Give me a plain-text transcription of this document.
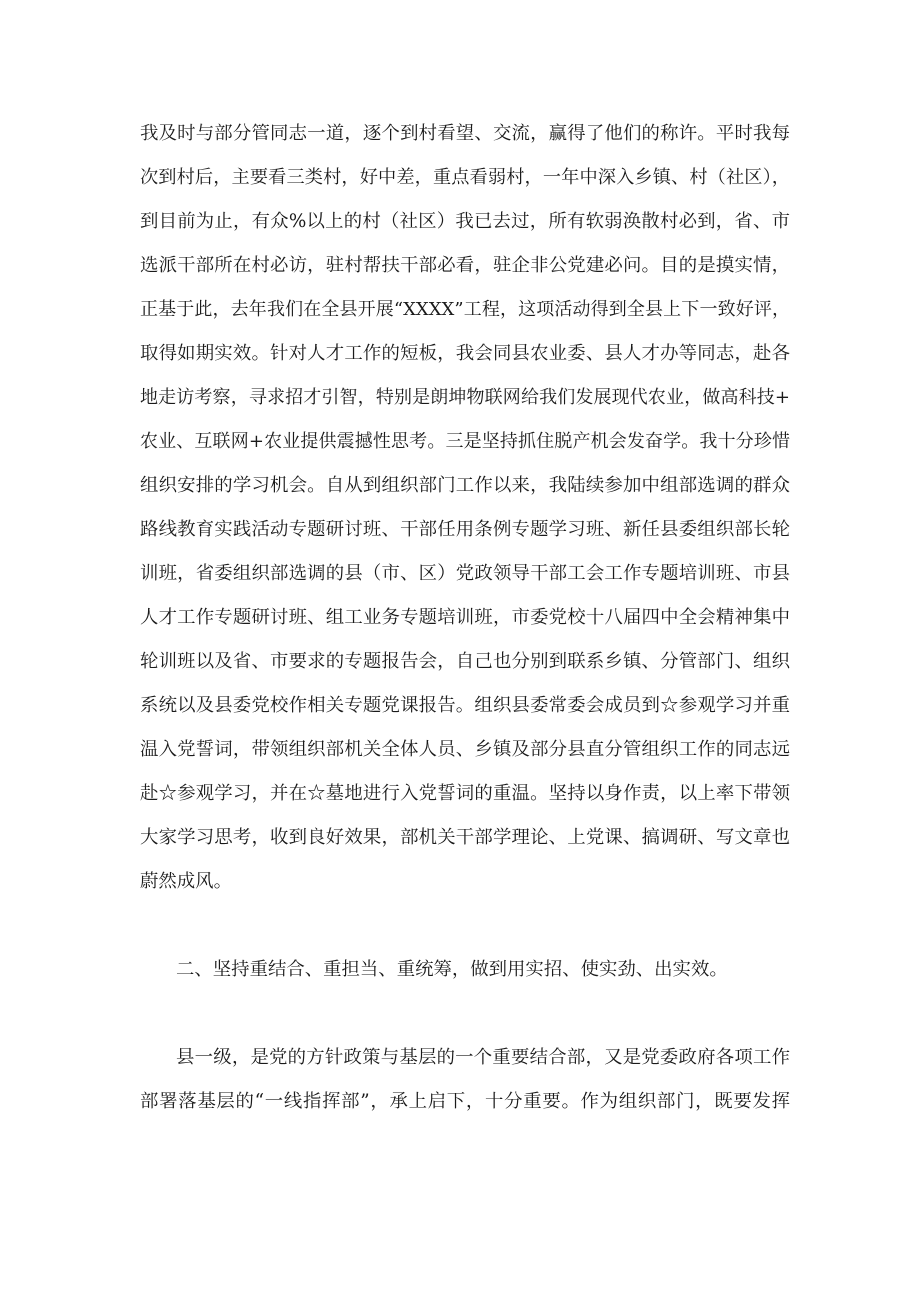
我及时与部分管同志一道，逐个到村看望、交流，赢得了他们的称许。平时我每
次到村后，主要看三类村，好中差，重点看弱村，一年中深入乡镇、村（社区），
到目前为止，有众%以上的村（社区）我已去过，所有软弱涣散村必到，省、市
选派干部所在村必访，驻村帮扶干部必看，驻企非公党建必问。目的是摸实情，
正基于此，去年我们在全县开展“XXXX”工程，这项活动得到全县上下一致好评，
取得如期实效。针对人才工作的短板，我会同县农业委、县人才办等同志，赴各
地走访考察，寻求招才引智，特别是朗坤物联网给我们发展现代农业，做高科技+
农业、互联网+农业提供震撼性思考。三是坚持抓住脱产机会发奋学。我十分珍惜
组织安排的学习机会。自从到组织部门工作以来，我陆续参加中组部选调的群众
路线教育实践活动专题研讨班、干部任用条例专题学习班、新任县委组织部长轮
训班，省委组织部选调的县（市、区）党政领导干部工会工作专题培训班、市县
人才工作专题研讨班、组工业务专题培训班，市委党校十八届四中全会精神集中
轮训班以及省、市要求的专题报告会，自己也分别到联系乡镇、分管部门、组织
系统以及县委党校作相关专题党课报告。组织县委常委会成员到☆参观学习并重
温入党誓词，带领组织部机关全体人员、乡镇及部分县直分管组织工作的同志远
赴☆参观学习，并在☆墓地进行入党誓词的重温。坚持以身作责，以上率下带领
大家学习思考，收到良好效果，部机关干部学理论、上党课、搞调研、写文章也
蔚然成风。
二、坚持重结合、重担当、重统筹，做到用实招、使实劲、出实效。
县一级，是党的方针政策与基层的一个重要结合部，又是党委政府各项工作
部署落基层的“一线指挥部”，承上启下，十分重要。作为组织部门，既要发挥
